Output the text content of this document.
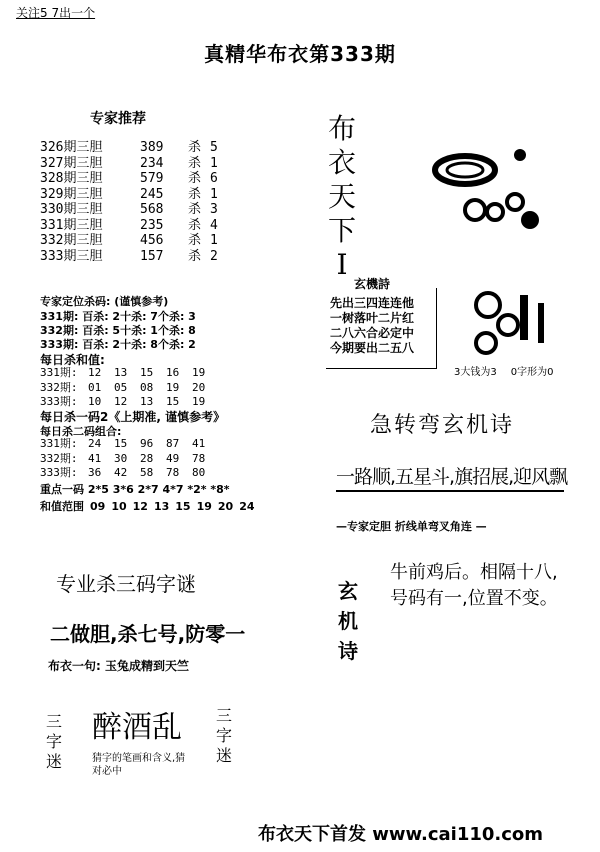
关注5 7出一个
真精华布衣第333期
专家推荐
326期三胆	389 杀 5
327期三胆	234 杀 1
328期三胆	579 杀 6
329期三胆	245 杀 1
330期三胆	568 杀 3
331期三胆	235 杀 4
332期三胆	456 杀 1
333期三胆	157 杀 2
专家定位杀码: (谨慎参考)
331期: 百杀: 2十杀: 7个杀: 3
332期: 百杀: 5十杀: 1个杀: 8
333期: 百杀: 2十杀: 8个杀: 2
每日杀和值:
331期: 12 13 15 16 19
332期: 01 05 08 19 20
333期: 10 12 13 15 19
每日杀一码2《上期准, 谨慎参考》
每日杀二码组合:
331期: 24 15 96 87 41
332期: 41 30 28 49 78
333期: 36 42 58 78 80
重点一码 2*5 3*6 2*7 4*7 *2* *8*
和值范围 09 10 12 13 15 19 20 24
专业杀三码字谜
二做胆,杀七号,防零一
布衣一句: 玉兔成精到天竺
三
字
迷
醉酒乱 三
字
迷
猜字的笔画和含义,猜对必中
布
衣
天
下
I
玄機詩
先出三四连连他
一树落叶二片红
二八六合必定中
今期要出二五八
3大钱为3 0字形为0
急转弯玄机诗
一路顺,五星斗,旗招展,迎风飘
—专家定胆 折线单弯叉角连 —
玄
机
诗
牛前鸡后。相隔十八,
号码有一,位置不变。
布衣天下首发 www.cai110.com
